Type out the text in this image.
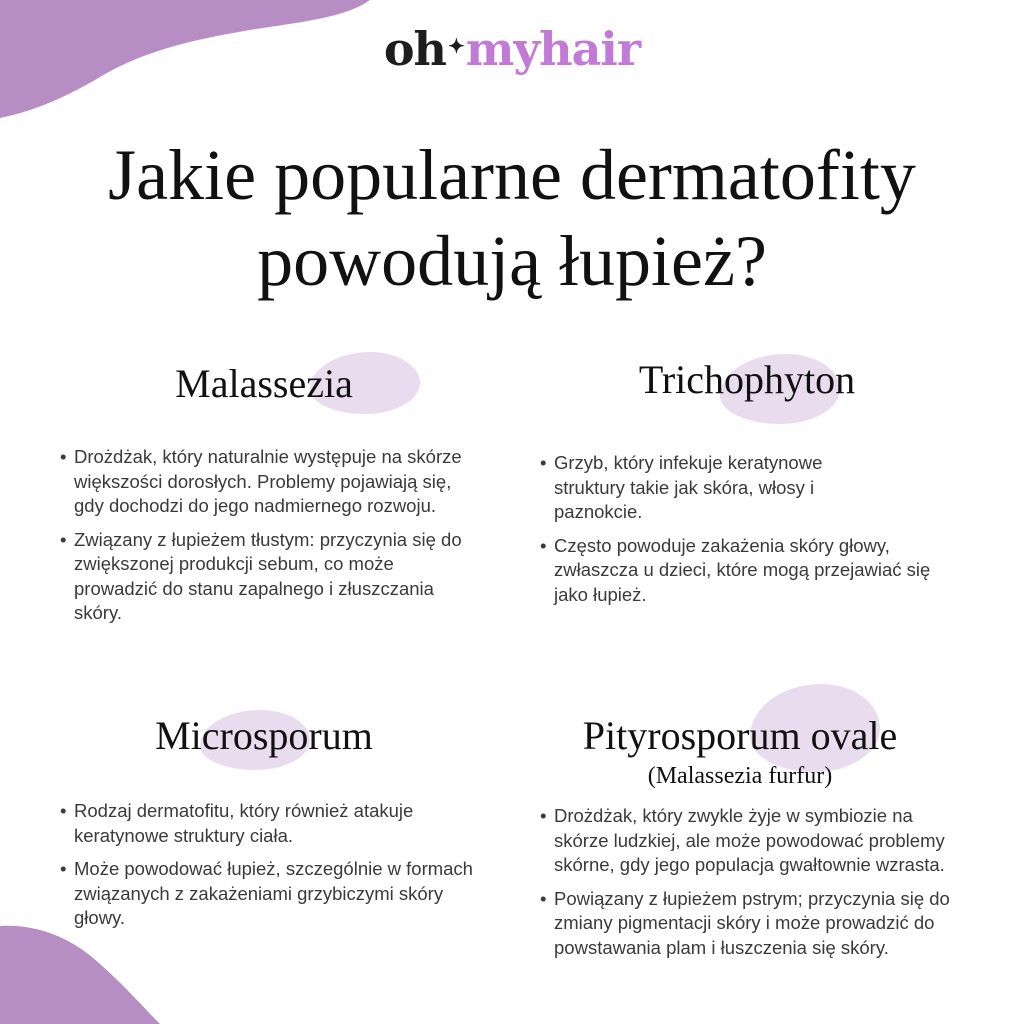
oh ✦myhair
Jakie popularne dermatofity
powodują łupież?
Malassezia
• Drożdżak, który naturalnie występuje na skórze większości dorosłych. Problemy pojawiają się, gdy dochodzi do jego nadmiernego rozwoju.
• Związany z łupieżem tłustym: przyczynia się do zwiększonej produkcji sebum, co może prowadzić do stanu zapalnego i złuszczania skóry.
Trichophyton
• Grzyb, który infekuje keratynowe struktury takie jak skóra, włosy i paznokcie.
• Często powoduje zakażenia skóry głowy, zwłaszcza u dzieci, które mogą przejawiać się jako łupież.
Microsporum
• Rodzaj dermatofitu, który również atakuje keratynowe struktury ciała.
• Może powodować łupież, szczególnie w formach związanych z zakażeniami grzybiczymi skóry głowy.
Pityrosporum ovale
(Malassezia furfur)
• Drożdżak, który zwykle żyje w symbiozie na skórze ludzkiej, ale może powodować problemy skórne, gdy jego populacja gwałtownie wzrasta.
• Powiązany z łupieżem pstrym; przyczynia się do zmiany pigmentacji skóry i może prowadzić do powstawania plam i łuszczenia się skóry.
